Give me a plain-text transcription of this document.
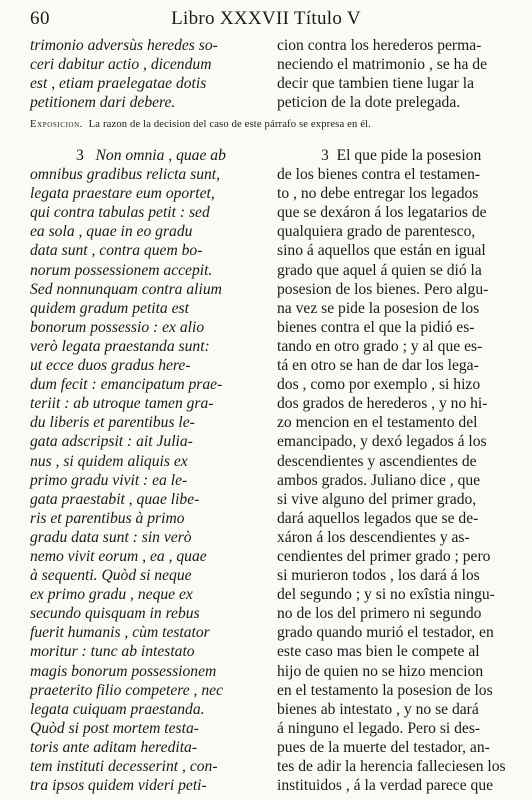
60	Libro XXXVII Título V
trimonio adversùs heredes so-
ceri dabitur actio , dicendum
est , etiam praelegatae dotis
petitionem dari debere.
cion contra los herederos perma-
neciendo el matrimonio , se ha de
decir que tambien tiene lugar la
peticion de la dote prelegada.
Exposicion. La razon de la decision del caso de este párrafo se expresa en él.
3 Non omnia , quae ab
omnibus gradibus relicta sunt,
legata praestare eum oportet,
qui contra tabulas petit : sed
ea sola , quae in eo gradu
data sunt , contra quem bo-
norum possessionem accepit.
Sed nonnunquam contra alium
quidem gradum petita est
bonorum possessio : ex alio
verò legata praestanda sunt:
ut ecce duos gradus here-
dum fecit : emancipatum prae-
teriit : ab utroque tamen gra-
du liberis et parentibus le-
gata adscripsit : ait Julia-
nus , si quidem aliquis ex
primo gradu vivit : ea le-
gata praestabit , quae libe-
ris et parentibus à primo
gradu data sunt : sin verò
nemo vivit eorum , ea , quae
à sequenti. Quòd si neque
ex primo gradu , neque ex
secundo quisquam in rebus
fuerit humanis , cùm testator
moritur : tunc ab intestato
magis bonorum possessionem
praeterito filio competere , nec
legata cuiquam praestanda.
Quòd si post mortem testa-
toris ante aditam heredita-
tem instituti decesserint , con-
tra ipsos quidem videri peti-
3 El que pide la posesion
de los bienes contra el testamen-
to , no debe entregar los legados
que se dexáron á los legatarios de
qualquiera grado de parentesco,
sino á aquellos que están en igual
grado que aquel á quien se dió la
posesion de los bienes. Pero algu-
na vez se pide la posesion de los
bienes contra el que la pidió es-
tando en otro grado ; y al que es-
tá en otro se han de dar los lega-
dos , como por exemplo , si hizo
dos grados de herederos , y no hi-
zo mencion en el testamento del
emancipado, y dexó legados á los
descendientes y ascendientes de
ambos grados. Juliano dice , que
si vive alguno del primer grado,
dará aquellos legados que se de-
xáron á los descendientes y as-
cendientes del primer grado ; pero
si murieron todos , los dará á los
del segundo ; y si no exîstia ningu-
no de los del primero ni segundo
grado quando murió el testador, en
este caso mas bien le compete al
hijo de quien no se hizo mencion
en el testamento la posesion de los
bienes ab intestato , y no se dará
á ninguno el legado. Pero si des-
pues de la muerte del testador, an-
tes de adir la herencia falleciesen los
instituidos , á la verdad parece que
